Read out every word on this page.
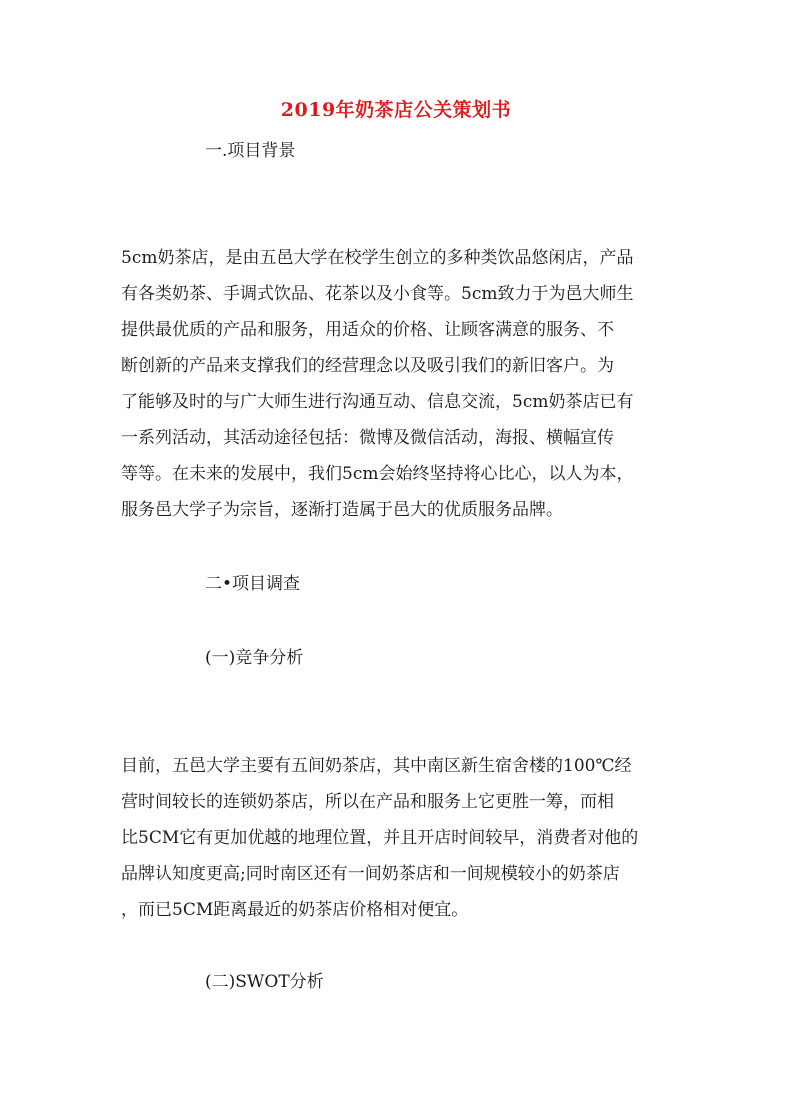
2019年奶茶店公关策划书
一.项目背景
5cm奶茶店，是由五邑大学在校学生创立的多种类饮品悠闲店，产品
有各类奶茶、手调式饮品、花茶以及小食等。5cm致力于为邑大师生
提供最优质的产品和服务，用适众的价格、让顾客满意的服务、不
断创新的产品来支撑我们的经营理念以及吸引我们的新旧客户。为
了能够及时的与广大师生进行沟通互动、信息交流，5cm奶茶店已有
一系列活动，其活动途径包括：微博及微信活动，海报、横幅宣传
等等。在未来的发展中，我们5cm会始终坚持将心比心，以人为本，
服务邑大学子为宗旨，逐渐打造属于邑大的优质服务品牌。
二•项目调查
(一)竞争分析
目前，五邑大学主要有五间奶茶店，其中南区新生宿舍楼的100℃经
营时间较长的连锁奶茶店，所以在产品和服务上它更胜一筹，而相
比5CM它有更加优越的地理位置，并且开店时间较早，消费者对他的
品牌认知度更高;同时南区还有一间奶茶店和一间规模较小的奶茶店
，而已5CM距离最近的奶茶店价格相对便宜。
(二)SWOT分析
